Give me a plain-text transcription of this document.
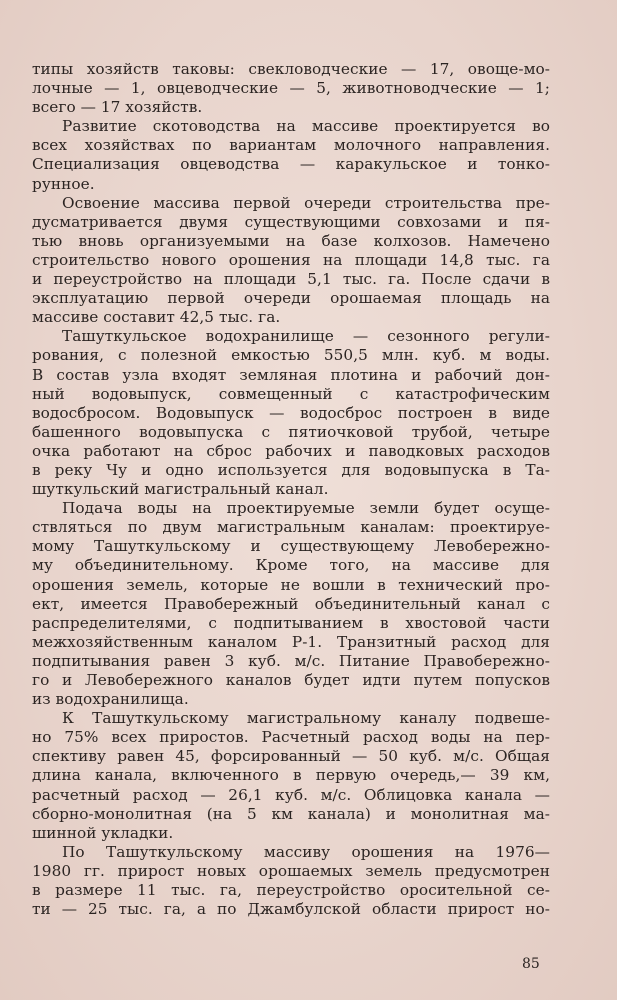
типы хозяйств таковы: свекловодческие — 17, овоще-мо-
лочные — 1, овцеводческие — 5, животноводческие — 1;
всего — 17 хозяйств.
Развитие скотоводства на массиве проектируется во
всех хозяйствах по вариантам молочного направления.
Специализация овцеводства — каракульское и тонко-
рунное.
Освоение массива первой очереди строительства пре-
дусматривается двумя существующими совхозами и пя-
тью вновь организуемыми на базе колхозов. Намечено
строительство нового орошения на площади 14,8 тыс. га
и переустройство на площади 5,1 тыс. га. После сдачи в
эксплуатацию первой очереди орошаемая площадь на
массиве составит 42,5 тыс. га.
Ташуткульское водохранилище — сезонного регули-
рования, с полезной емкостью 550,5 млн. куб. м воды.
В состав узла входят земляная плотина и рабочий дон-
ный водовыпуск, совмещенный с катастрофическим
водосбросом. Водовыпуск — водосброс построен в виде
башенного водовыпуска с пятиочковой трубой, четыре
очка работают на сброс рабочих и паводковых расходов
в реку Чу и одно используется для водовыпуска в Та-
шуткульский магистральный канал.
Подача воды на проектируемые земли будет осуще-
ствляться по двум магистральным каналам: проектируе-
мому Ташуткульскому и существующему Левобережно-
му объединительному. Кроме того, на массиве для
орошения земель, которые не вошли в технический про-
ект, имеется Правобережный объединительный канал с
распределителями, с подпитыванием в хвостовой части
межхозяйственным каналом Р-1. Транзитный расход для
подпитывания равен 3 куб. м/с. Питание Правобережно-
го и Левобережного каналов будет идти путем попусков
из водохранилища.
К Ташуткульскому магистральному каналу подвеше-
но 75% всех приростов. Расчетный расход воды на пер-
спективу равен 45, форсированный — 50 куб. м/с. Общая
длина канала, включенного в первую очередь,— 39 км,
расчетный расход — 26,1 куб. м/с. Облицовка канала —
сборно-монолитная (на 5 км канала) и монолитная ма-
шинной укладки.
По Ташуткульскому массиву орошения на 1976—
1980 гг. прирост новых орошаемых земель предусмотрен
в размере 11 тыс. га, переустройство оросительной се-
ти — 25 тыс. га, а по Джамбулской области прирост но-
85
